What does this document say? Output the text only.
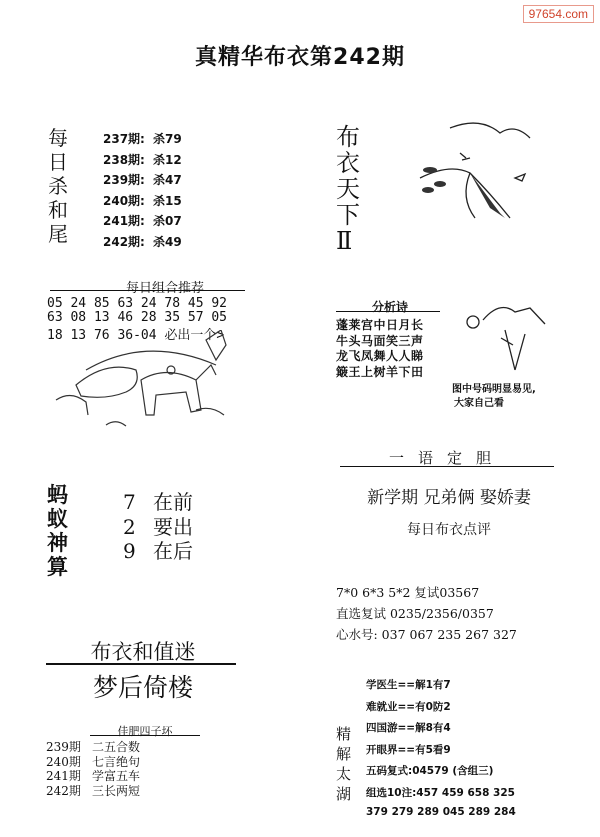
97654.com
真精华布衣第242期
每
日
杀
和
尾
237期: 杀79
238期: 杀12
239期: 杀47
240期: 杀15
241期: 杀07
242期: 杀49
每日组合推荐
05 24 85 63 24 78 45 92
63 08 13 46 28 35 57 05
18 13 76 36-04 必出一个>
蚂
蚁
神
算
7 在前
2 要出
9 在后
布衣和值迷
梦后倚楼
佳肥四子坏
239期 二五合数
240期 七言绝句
241期 学富五车
242期 三长两短
布
衣
天
下
Ⅱ
分析诗
蓬莱宫中日月长
牛头马面笑三声
龙飞凤舞人人睇
簸王上树羊下田
图中号码明显易见,
大家自己看
一语定胆
新学期 兄弟俩 娶娇妻
每日布衣点评
7*0 6*3 5*2 复试03567
直选复试 0235/2356/0357
心水号: 037 067 235 267 327
精
解
太
湖
学医生==解1有7
难就业==有0防2
四国游==解8有4
开眼界==有5看9
五码复式:04579 (含组三)
组选10注:457 459 658 325
379 279 289 045 289 284
